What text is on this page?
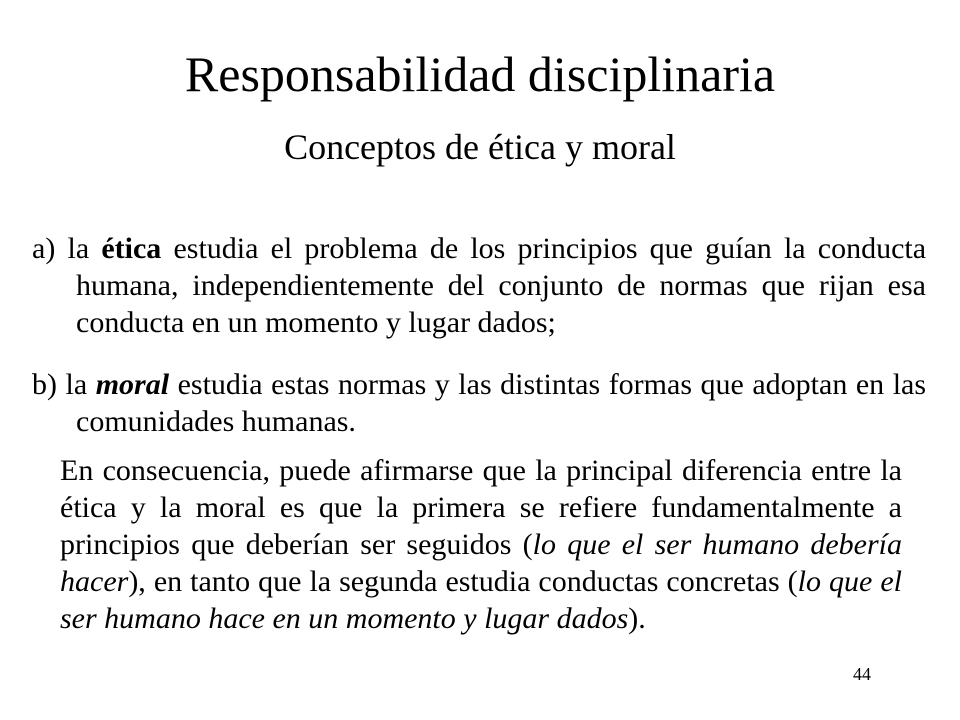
Responsabilidad disciplinaria
Conceptos de ética y moral

a) la ética estudia el problema de los principios que guían la conducta humana, independientemente del conjunto de normas que rijan esa conducta en un momento y lugar dados;

b) la moral estudia estas normas y las distintas formas que adoptan en las comunidades humanas.

En consecuencia, puede afirmarse que la principal diferencia entre la ética y la moral es que la primera se refiere fundamentalmente a principios que deberían ser seguidos (lo que el ser humano debería hacer), en tanto que la segunda estudia conductas concretas (lo que el ser humano hace en un momento y lugar dados).

44
